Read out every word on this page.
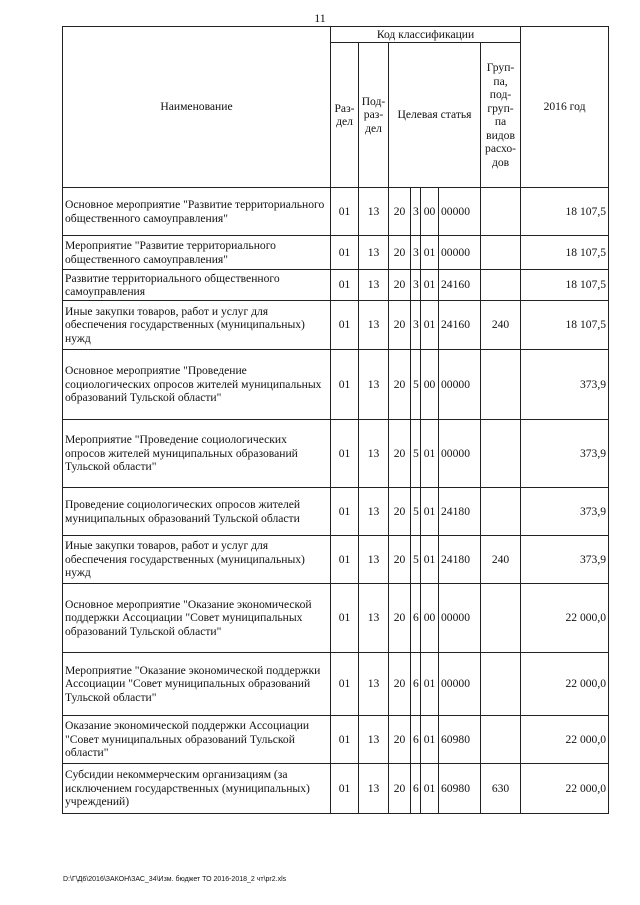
11
Наименование	Код классификации							2016 год
	Раз-дел	Под-раз-дел	Целевая статья				Груп-па, под-груп-па видов расхо-дов	
Основное мероприятие "Развитие территориального общественного самоуправления"	01	13	20	3	00	00000		18 107,5
Мероприятие "Развитие территориального общественного самоуправления"	01	13	20	3	01	00000		18 107,5
Развитие территориального общественного самоуправления	01	13	20	3	01	24160		18 107,5
Иные закупки товаров, работ и услуг для обеспечения государственных (муниципальных) нужд	01	13	20	3	01	24160	240	18 107,5
Основное мероприятие "Проведение социологических опросов жителей муниципальных образований Тульской области"	01	13	20	5	00	00000		373,9
Мероприятие "Проведение социологических опросов жителей муниципальных образований Тульской области"	01	13	20	5	01	00000		373,9
Проведение социологических опросов жителей муниципальных образований Тульской области	01	13	20	5	01	24180		373,9
Иные закупки товаров, работ и услуг для обеспечения государственных (муниципальных) нужд	01	13	20	5	01	24180	240	373,9
Основное мероприятие "Оказание экономической поддержки Ассоциации "Совет муниципальных образований Тульской области"	01	13	20	6	00	00000		22 000,0
Мероприятие "Оказание экономической поддержки Ассоциации "Совет муниципальных образований Тульской области"	01	13	20	6	01	00000		22 000,0
Оказание экономической поддержки Ассоциации "Совет муниципальных образований Тульской области"	01	13	20	6	01	60980		22 000,0
Субсидии некоммерческим организациям (за исключением государственных (муниципальных) учреждений)	01	13	20	6	01	60980	630	22 000,0
D:\Г\Д6\2016\ЗАКОН\ЗАС_34\Изм. бюджет ТО 2016-2018_2 чт\pr2.xls
